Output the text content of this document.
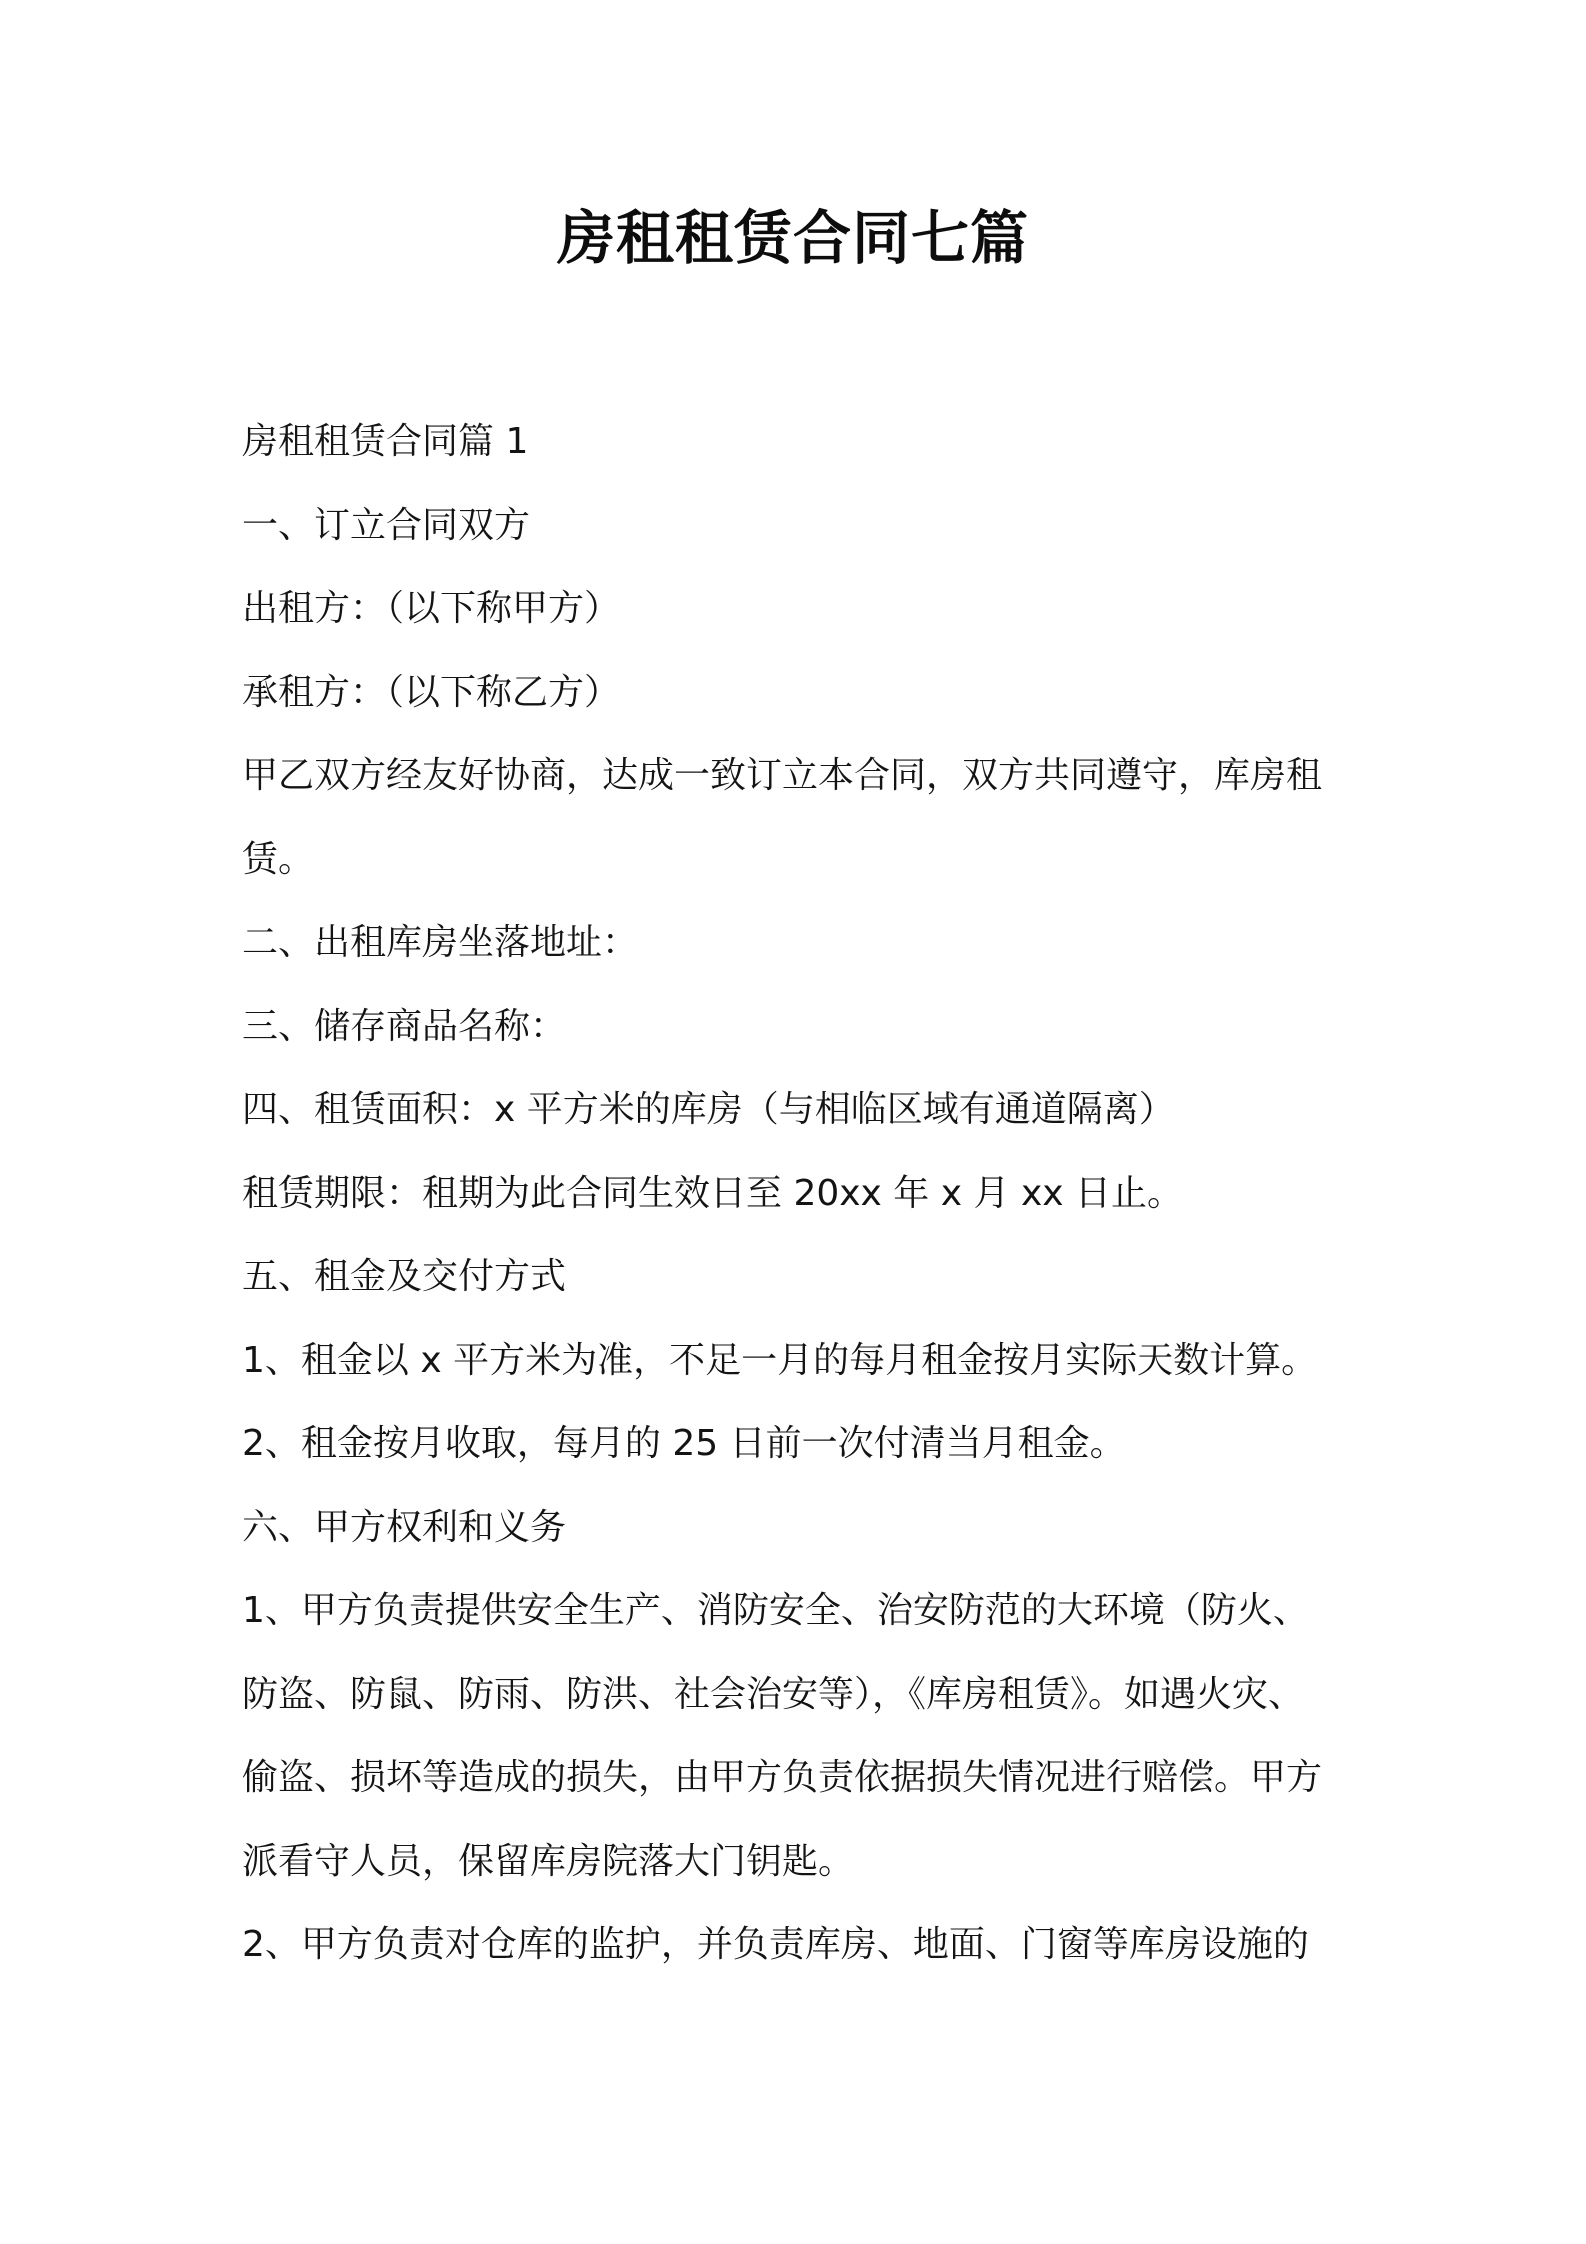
房租租赁合同七篇

房租租赁合同篇 1

一、订立合同双方

出租方：（以下称甲方）

承租方：（以下称乙方）

甲乙双方经友好协商，达成一致订立本合同，双方共同遵守，库房租

赁。

二、出租库房坐落地址：

三、储存商品名称：

四、租赁面积：x 平方米的库房（与相临区域有通道隔离）

租赁期限：租期为此合同生效日至 20xx 年 x 月 xx 日止。

五、租金及交付方式

1、租金以 x 平方米为准，不足一月的每月租金按月实际天数计算。

2、租金按月收取，每月的 25 日前一次付清当月租金。

六、甲方权利和义务

1、甲方负责提供安全生产、消防安全、治安防范的大环境（防火、

防盗、防鼠、防雨、防洪、社会治安等），《库房租赁》。如遇火灾、

偷盗、损坏等造成的损失，由甲方负责依据损失情况进行赔偿。甲方

派看守人员，保留库房院落大门钥匙。

2、甲方负责对仓库的监护，并负责库房、地面、门窗等库房设施的
